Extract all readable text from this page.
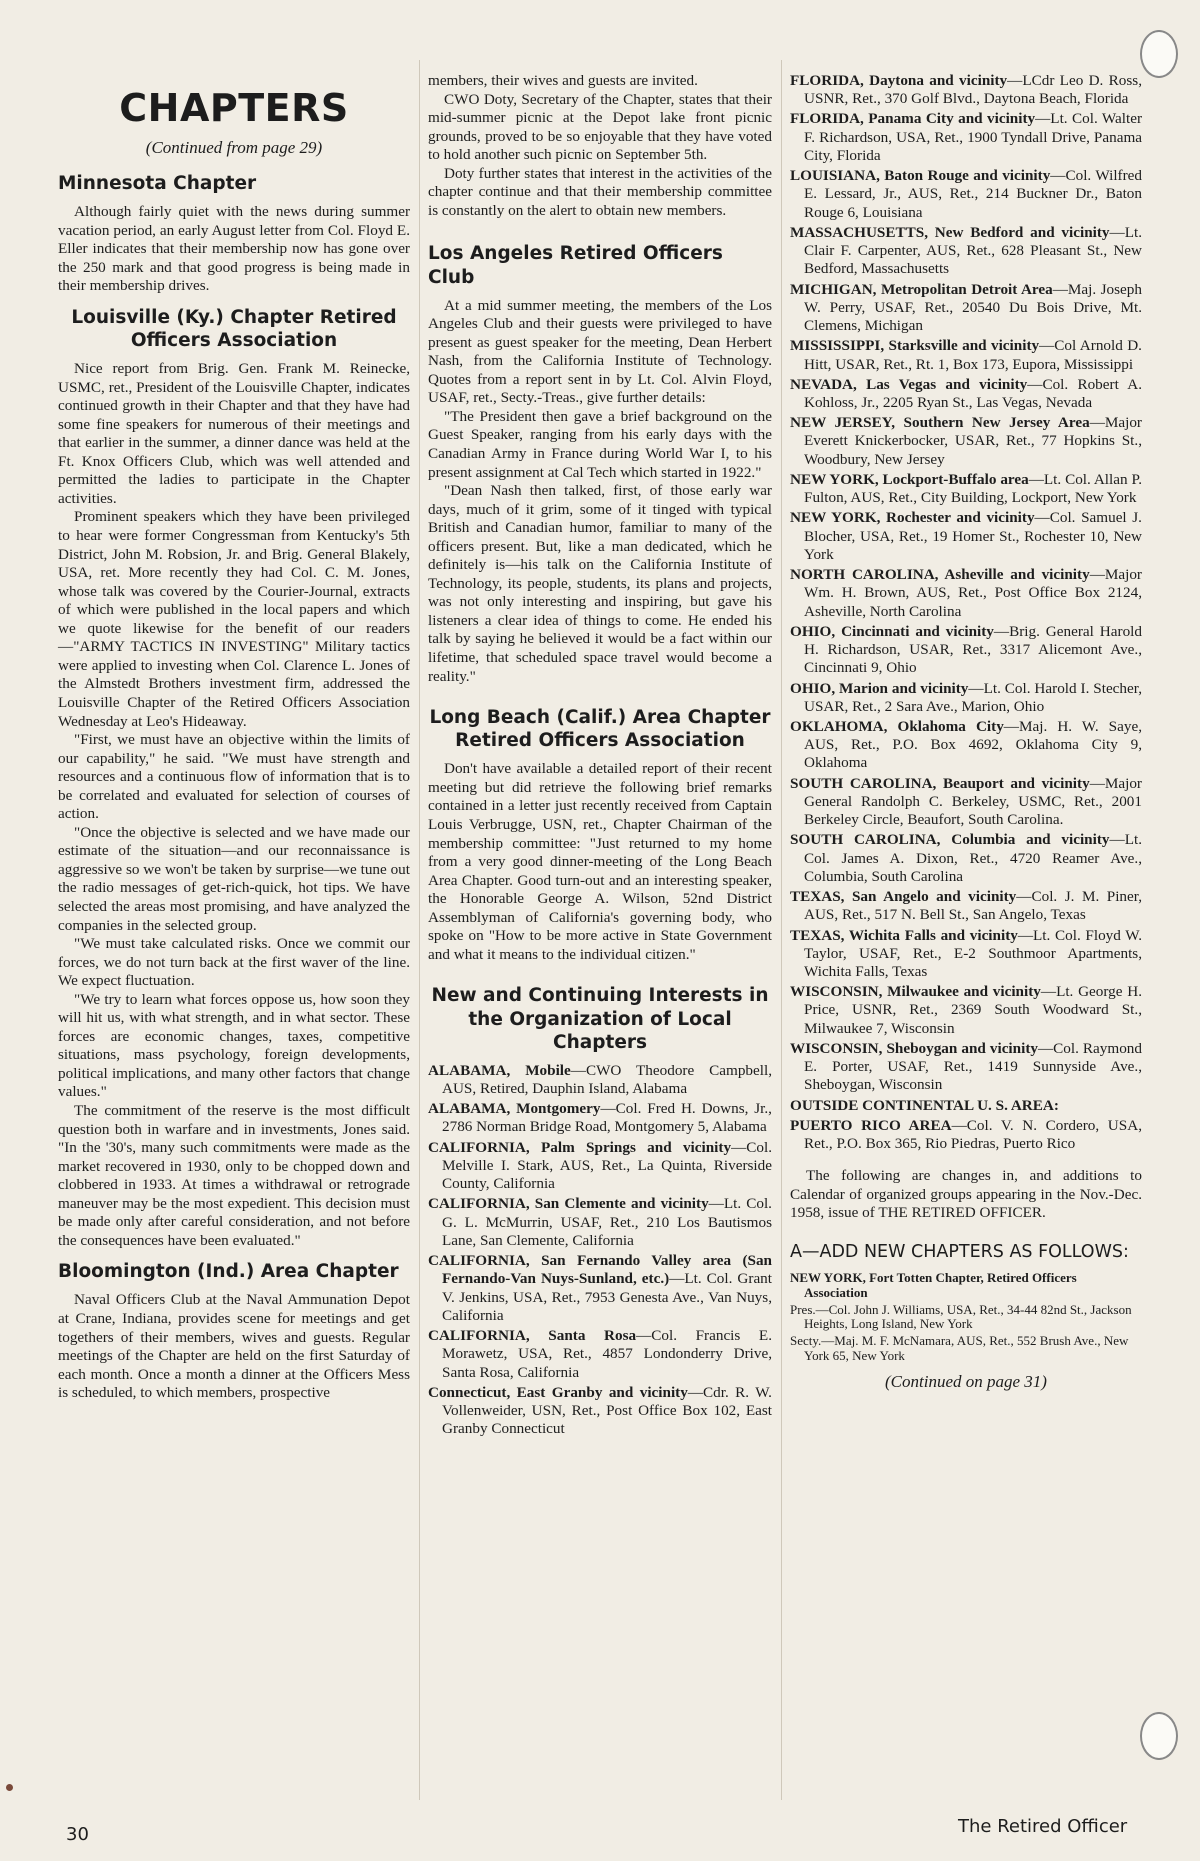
CHAPTERS
(Continued from page 29)
Minnesota Chapter

Although fairly quiet with the news during summer vacation period, an early August letter from Col. Floyd E. Eller indicates that their membership now has gone over the 250 mark and that good progress is being made in their membership drives.

Louisville (Ky.) Chapter Retired Officers Association

Nice report from Brig. Gen. Frank M. Reinecke, USMC, ret., President of the Louisville Chapter, indicates continued growth in their Chapter and that they have had some fine speakers for numerous of their meetings and that earlier in the summer, a dinner dance was held at the Ft. Knox Officers Club, which was well attended and permitted the ladies to participate in the Chapter activities.

Prominent speakers which they have been privileged to hear were former Congressman from Kentucky's 5th District, John M. Robsion, Jr. and Brig. General Blakely, USA, ret. More recently they had Col. C. M. Jones, whose talk was covered by the Courier-Journal, extracts of which were published in the local papers and which we quote likewise for the benefit of our readers—"ARMY TACTICS IN INVESTING" Military tactics were applied to investing when Col. Clarence L. Jones of the Almstedt Brothers investment firm, addressed the Louisville Chapter of the Retired Officers Association Wednesday at Leo's Hideaway.

"First, we must have an objective within the limits of our capability," he said. "We must have strength and resources and a continuous flow of information that is to be correlated and evaluated for selection of courses of action.

"Once the objective is selected and we have made our estimate of the situation—and our reconnaissance is aggressive so we won't be taken by surprise—we tune out the radio messages of get-rich-quick, hot tips. We have selected the areas most promising, and have analyzed the companies in the selected group.

"We must take calculated risks. Once we commit our forces, we do not turn back at the first waver of the line. We expect fluctuation.

"We try to learn what forces oppose us, how soon they will hit us, with what strength, and in what sector. These forces are economic changes, taxes, competitive situations, mass psychology, foreign developments, political implications, and many other factors that change values."

The commitment of the reserve is the most difficult question both in warfare and in investments, Jones said. "In the '30's, many such commitments were made as the market recovered in 1930, only to be chopped down and clobbered in 1933. At times a withdrawal or retrograde maneuver may be the most expedient. This decision must be made only after careful consideration, and not before the consequences have been evaluated."

Bloomington (Ind.) Area Chapter

Naval Officers Club at the Naval Ammunation Depot at Crane, Indiana, provides scene for meetings and get togethers of their members, wives and guests. Regular meetings of the Chapter are held on the first Saturday of each month. Once a month a dinner at the Officers Mess is scheduled, to which members, prospective

members, their wives and guests are invited.

CWO Doty, Secretary of the Chapter, states that their mid-summer picnic at the Depot lake front picnic grounds, proved to be so enjoyable that they have voted to hold another such picnic on September 5th.

Doty further states that interest in the activities of the chapter continue and that their membership committee is constantly on the alert to obtain new members.

Los Angeles Retired Officers Club

At a mid summer meeting, the members of the Los Angeles Club and their guests were privileged to have present as guest speaker for the meeting, Dean Herbert Nash, from the California Institute of Technology. Quotes from a report sent in by Lt. Col. Alvin Floyd, USAF, ret., Secty.-Treas., give further details:

"The President then gave a brief background on the Guest Speaker, ranging from his early days with the Canadian Army in France during World War I, to his present assignment at Cal Tech which started in 1922."

"Dean Nash then talked, first, of those early war days, much of it grim, some of it tinged with typical British and Canadian humor, familiar to many of the officers present. But, like a man dedicated, which he definitely is—his talk on the California Institute of Technology, its people, students, its plans and projects, was not only interesting and inspiring, but gave his listeners a clear idea of things to come. He ended his talk by saying he believed it would be a fact within our lifetime, that scheduled space travel would become a reality."

Long Beach (Calif.) Area Chapter Retired Officers Association

Don't have available a detailed report of their recent meeting but did retrieve the following brief remarks contained in a letter just recently received from Captain Louis Verbrugge, USN, ret., Chapter Chairman of the membership committee: "Just returned to my home from a very good dinner-meeting of the Long Beach Area Chapter. Good turn-out and an interesting speaker, the Honorable George A. Wilson, 52nd District Assemblyman of California's governing body, who spoke on "How to be more active in State Government and what it means to the individual citizen."

New and Continuing Interests in the Organization of Local Chapters
ALABAMA, Mobile—CWO Theodore Campbell, AUS, Retired, Dauphin Island, Alabama
ALABAMA, Montgomery—Col. Fred H. Downs, Jr., 2786 Norman Bridge Road, Montgomery 5, Alabama
CALIFORNIA, Palm Springs and vicinity—Col. Melville I. Stark, AUS, Ret., La Quinta, Riverside County, California
CALIFORNIA, San Clemente and vicinity—Lt. Col. G. L. McMurrin, USAF, Ret., 210 Los Bautismos Lane, San Clemente, California
CALIFORNIA, San Fernando Valley area (San Fernando-Van Nuys-Sunland, etc.)—Lt. Col. Grant V. Jenkins, USA, Ret., 7953 Genesta Ave., Van Nuys, California
CALIFORNIA, Santa Rosa—Col. Francis E. Morawetz, USA, Ret., 4857 Londonderry Drive, Santa Rosa, California
Connecticut, East Granby and vicinity—Cdr. R. W. Vollenweider, USN, Ret., Post Office Box 102, East Granby Connecticut
FLORIDA, Daytona and vicinity—LCdr Leo D. Ross, USNR, Ret., 370 Golf Blvd., Daytona Beach, Florida
FLORIDA, Panama City and vicinity—Lt. Col. Walter F. Richardson, USA, Ret., 1900 Tyndall Drive, Panama City, Florida
LOUISIANA, Baton Rouge and vicinity—Col. Wilfred E. Lessard, Jr., AUS, Ret., 214 Buckner Dr., Baton Rouge 6, Louisiana
MASSACHUSETTS, New Bedford and vicinity—Lt. Clair F. Carpenter, AUS, Ret., 628 Pleasant St., New Bedford, Massachusetts
MICHIGAN, Metropolitan Detroit Area—Maj. Joseph W. Perry, USAF, Ret., 20540 Du Bois Drive, Mt. Clemens, Michigan
MISSISSIPPI, Starksville and vicinity—Col Arnold D. Hitt, USAR, Ret., Rt. 1, Box 173, Eupora, Mississippi
NEVADA, Las Vegas and vicinity—Col. Robert A. Kohloss, Jr., 2205 Ryan St., Las Vegas, Nevada
NEW JERSEY, Southern New Jersey Area—Major Everett Knickerbocker, USAR, Ret., 77 Hopkins St., Woodbury, New Jersey
NEW YORK, Lockport-Buffalo area—Lt. Col. Allan P. Fulton, AUS, Ret., City Building, Lockport, New York
NEW YORK, Rochester and vicinity—Col. Samuel J. Blocher, USA, Ret., 19 Homer St., Rochester 10, New York
NORTH CAROLINA, Asheville and vicinity—Major Wm. H. Brown, AUS, Ret., Post Office Box 2124, Asheville, North Carolina
OHIO, Cincinnati and vicinity—Brig. General Harold H. Richardson, USAR, Ret., 3317 Alicemont Ave., Cincinnati 9, Ohio
OHIO, Marion and vicinity—Lt. Col. Harold I. Stecher, USAR, Ret., 2 Sara Ave., Marion, Ohio
OKLAHOMA, Oklahoma City—Maj. H. W. Saye, AUS, Ret., P.O. Box 4692, Oklahoma City 9, Oklahoma
SOUTH CAROLINA, Beauport and vicinity—Major General Randolph C. Berkeley, USMC, Ret., 2001 Berkeley Circle, Beaufort, South Carolina.
SOUTH CAROLINA, Columbia and vicinity—Lt. Col. James A. Dixon, Ret., 4720 Reamer Ave., Columbia, South Carolina
TEXAS, San Angelo and vicinity—Col. J. M. Piner, AUS, Ret., 517 N. Bell St., San Angelo, Texas
TEXAS, Wichita Falls and vicinity—Lt. Col. Floyd W. Taylor, USAF, Ret., E-2 Southmoor Apartments, Wichita Falls, Texas
WISCONSIN, Milwaukee and vicinity—Lt. George H. Price, USNR, Ret., 2369 South Woodward St., Milwaukee 7, Wisconsin
WISCONSIN, Sheboygan and vicinity—Col. Raymond E. Porter, USAF, Ret., 1419 Sunnyside Ave., Sheboygan, Wisconsin
OUTSIDE CONTINENTAL U. S. AREA:
PUERTO RICO AREA—Col. V. N. Cordero, USA, Ret., P.O. Box 365, Rio Piedras, Puerto Rico

The following are changes in, and additions to Calendar of organized groups appearing in the Nov.-Dec. 1958, issue of THE RETIRED OFFICER.

A—ADD NEW CHAPTERS AS FOLLOWS:
NEW YORK, Fort Totten Chapter, Retired Officers Association
Pres.—Col. John J. Williams, USA, Ret., 34-44 82nd St., Jackson Heights, Long Island, New York
Secty.—Maj. M. F. McNamara, AUS, Ret., 552 Brush Ave., New York 65, New York
(Continued on page 31)
30	The Retired Officer
